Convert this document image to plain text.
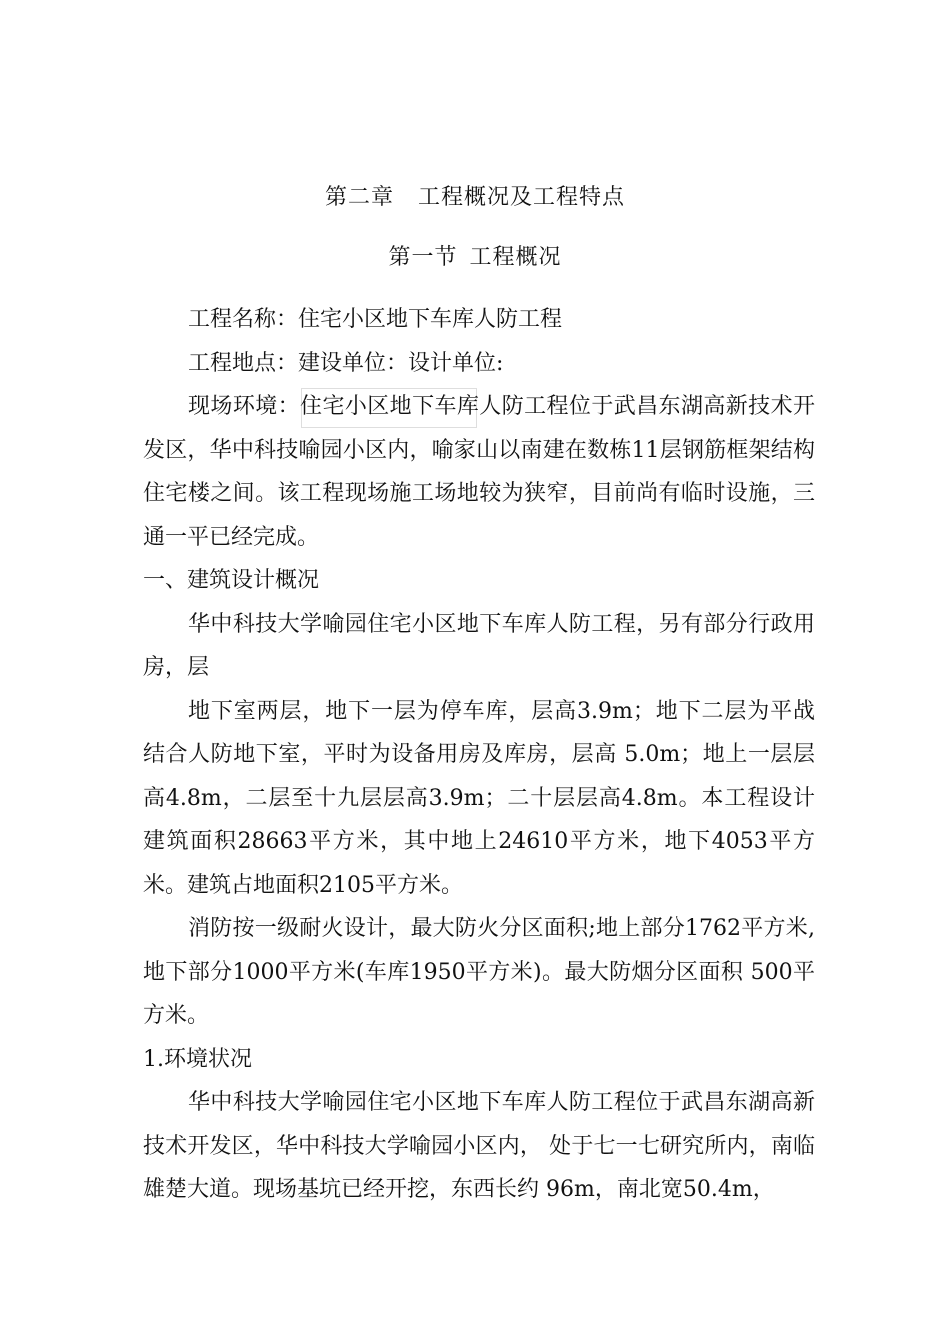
第二章 工程概况及工程特点
第一节 工程概况

工程名称：住宅小区地下车库人防工程

工程地点：建设单位：设计单位:

现场环境：住宅小区地下车库人防工程位于武昌东湖高新技术开发区，华中科技喻园小区内，喻家山以南建在数栋11层钢筋框架结构住宅楼之间。该工程现场施工场地较为狭窄，目前尚有临时设施，三通一平已经完成。

一、建筑设计概况

华中科技大学喻园住宅小区地下车库人防工程，另有部分行政用房，层

地下室两层，地下一层为停车库，层高3.9m；地下二层为平战结合人防地下室，平时为设备用房及库房，层高 5.0m；地上一层层高4.8m，二层至十九层层高3.9m；二十层层高4.8m。本工程设计建筑面积28663平方米，其中地上24610平方米，地下4053平方米。建筑占地面积2105平方米。

消防按一级耐火设计，最大防火分区面积;地上部分1762平方米,地下部分1000平方米(车库1950平方米)。最大防烟分区面积 500平方米。

1.环境状况

华中科技大学喻园住宅小区地下车库人防工程位于武昌东湖高新技术开发区，华中科技大学喻园小区内， 处于七一七研究所内，南临雄楚大道。现场基坑已经开挖，东西长约 96m，南北宽50.4m，
